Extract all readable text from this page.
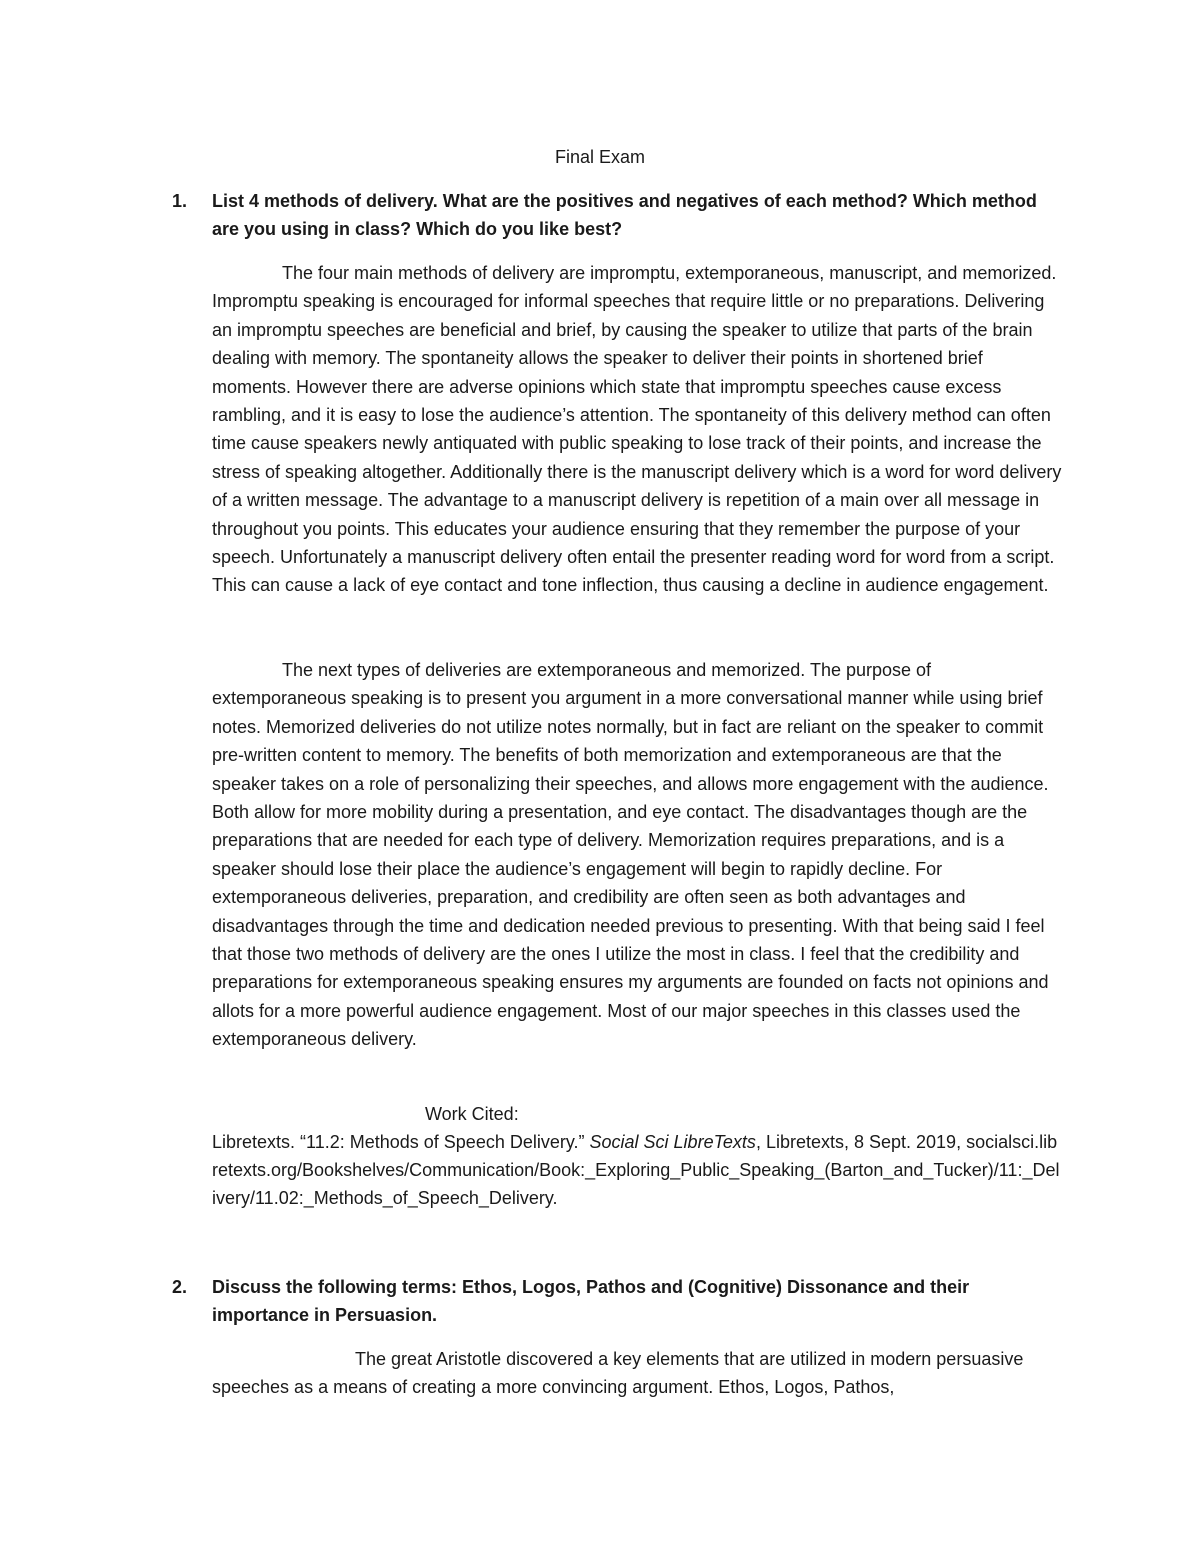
Final Exam
1. List 4 methods of delivery. What are the positives and negatives of each method? Which method are you using in class? Which do you like best?

The four main methods of delivery are impromptu, extemporaneous, manuscript, and memorized. Impromptu speaking is encouraged for informal speeches that require little or no preparations. Delivering an impromptu speeches are beneficial and brief, by causing the speaker to utilize that parts of the brain dealing with memory. The spontaneity allows the speaker to deliver their points in shortened brief moments. However there are adverse opinions which state that impromptu speeches cause excess rambling, and it is easy to lose the audience’s attention. The spontaneity of this delivery method can often time cause speakers newly antiquated with public speaking to lose track of their points, and increase the stress of speaking altogether. Additionally there is the manuscript delivery which is a word for word delivery of a written message. The advantage to a manuscript delivery is repetition of a main over all message in throughout you points. This educates your audience ensuring that they remember the purpose of your speech. Unfortunately a manuscript delivery often entail the presenter reading word for word from a script. This can cause a lack of eye contact and tone inflection, thus causing a decline in audience engagement.

The next types of deliveries are extemporaneous and memorized. The purpose of extemporaneous speaking is to present you argument in a more conversational manner while using brief notes. Memorized deliveries do not utilize notes normally, but in fact are reliant on the speaker to commit pre-written content to memory. The benefits of both memorization and extemporaneous are that the speaker takes on a role of personalizing their speeches, and allows more engagement with the audience. Both allow for more mobility during a presentation, and eye contact. The disadvantages though are the preparations that are needed for each type of delivery. Memorization requires preparations, and is a speaker should lose their place the audience’s engagement will begin to rapidly decline. For extemporaneous deliveries, preparation, and credibility are often seen as both advantages and disadvantages through the time and dedication needed previous to presenting. With that being said I feel that those two methods of delivery are the ones I utilize the most in class. I feel that the credibility and preparations for extemporaneous speaking ensures my arguments are founded on facts not opinions and allots for a more powerful audience engagement. Most of our major speeches in this classes used the extemporaneous delivery.

Work Cited:
Libretexts. “11.2: Methods of Speech Delivery.” Social Sci LibreTexts, Libretexts, 8 Sept. 2019, socialsci.libretexts.org/Bookshelves/Communication/Book:_Exploring_Public_Speaking_(Barton_and_Tucker)/11:_Delivery/11.02:_Methods_of_Speech_Delivery.
2. Discuss the following terms: Ethos, Logos, Pathos and (Cognitive) Dissonance and their importance in Persuasion.

The great Aristotle discovered a key elements that are utilized in modern persuasive speeches as a means of creating a more convincing argument. Ethos, Logos, Pathos,
